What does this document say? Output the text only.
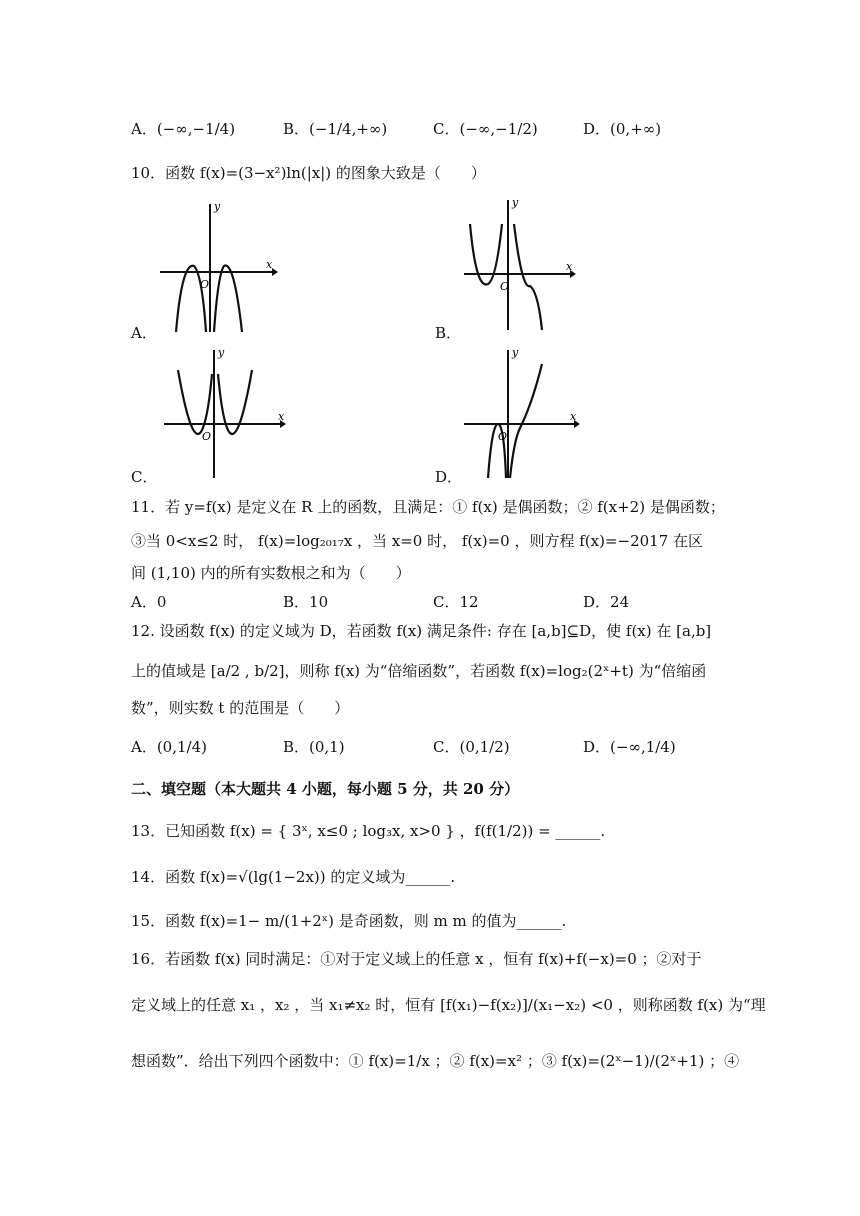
A．(−∞,−1/4)	B．(−1/4,+∞)	C．(−∞,−1/2)	D．(0,+∞)
10．函数 f(x)=(3−x²)ln(|x|) 的图象大致是（　　）
y
x
O
A．
y
x
O
B．
y
x
O
C．
y
x
O
D．
11．若 y=f(x) 是定义在 R 上的函数，且满足：① f(x) 是偶函数；② f(x+2) 是偶函数；
③当 0<x≤2 时， f(x)=log₂₀₁₇x ，当 x=0 时， f(x)=0 ，则方程 f(x)=−2017 在区
间 (1,10) 内的所有实数根之和为（　　）
A．0	B．10	C．12	D．24
12. 设函数 f(x) 的定义域为 D，若函数 f(x) 满足条件: 存在 [a,b]⊆D，使 f(x) 在 [a,b]
上的值域是 [a/2 , b/2]，则称 f(x) 为“倍缩函数”，若函数 f(x)=log₂(2ˣ+t) 为“倍缩函
数”，则实数 t 的范围是（　　）
A．(0,1/4)	B．(0,1)	C．(0,1/2)	D．(−∞,1/4)
二、填空题（本大题共 4 小题，每小题 5 分，共 20 分）
13．已知函数 f(x) = { 3ˣ, x≤0 ; log₃x, x>0 } ，f(f(1/2)) = ______.
14．函数 f(x)=√(lg(1−2x)) 的定义域为______.
15．函数 f(x)=1− m/(1+2ˣ) 是奇函数，则 m m 的值为______.
16．若函数 f(x) 同时满足：①对于定义域上的任意 x ，恒有 f(x)+f(−x)=0 ；②对于
定义域上的任意 x₁ ，x₂ ，当 x₁≠x₂ 时，恒有 [f(x₁)−f(x₂)]/(x₁−x₂) <0 ，则称函数 f(x) 为“理
想函数”．给出下列四个函数中：① f(x)=1/x ；② f(x)=x² ；③ f(x)=(2ˣ−1)/(2ˣ+1) ；④
